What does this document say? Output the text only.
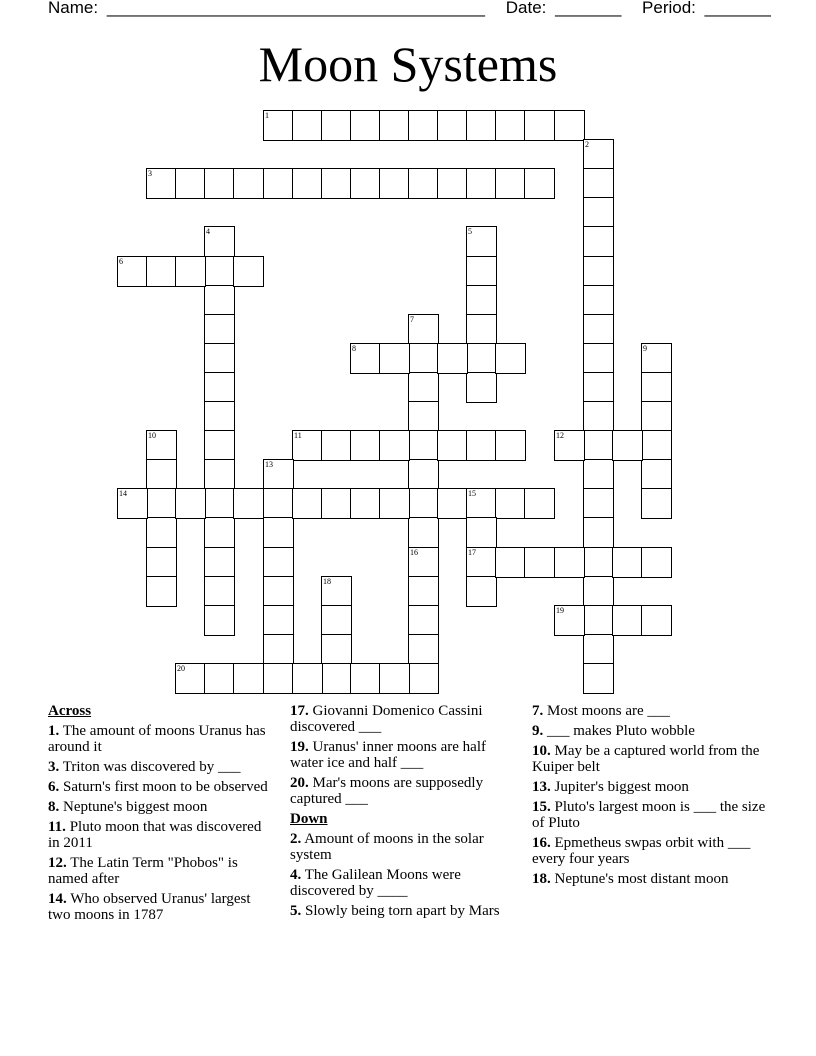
Name: ________________________________________ Date: _______ Period: _______
Moon Systems
1
2
3
4	5
6
7
16
8	9
10	11	12
13
14	15
17
18
19
20
Across
1. The amount of moons Uranus has around it
3. Triton was discovered by ___
6. Saturn's first moon to be observed
8. Neptune's biggest moon
11. Pluto moon that was discovered in 2011
12. The Latin Term "Phobos" is named after
14. Who observed Uranus' largest two moons in 1787
17. Giovanni Domenico Cassini discovered ___
19. Uranus' inner moons are half water ice and half ___
20. Mar's moons are supposedly captured ___
Down
2. Amount of moons in the solar system
4. The Galilean Moons were discovered by ____
5. Slowly being torn apart by Mars
7. Most moons are ___
9. ___ makes Pluto wobble
10. May be a captured world from the Kuiper belt
13. Jupiter's biggest moon
15. Pluto's largest moon is ___ the size of Pluto
16. Epmetheus swpas orbit with ___ every four years
18. Neptune's most distant moon
